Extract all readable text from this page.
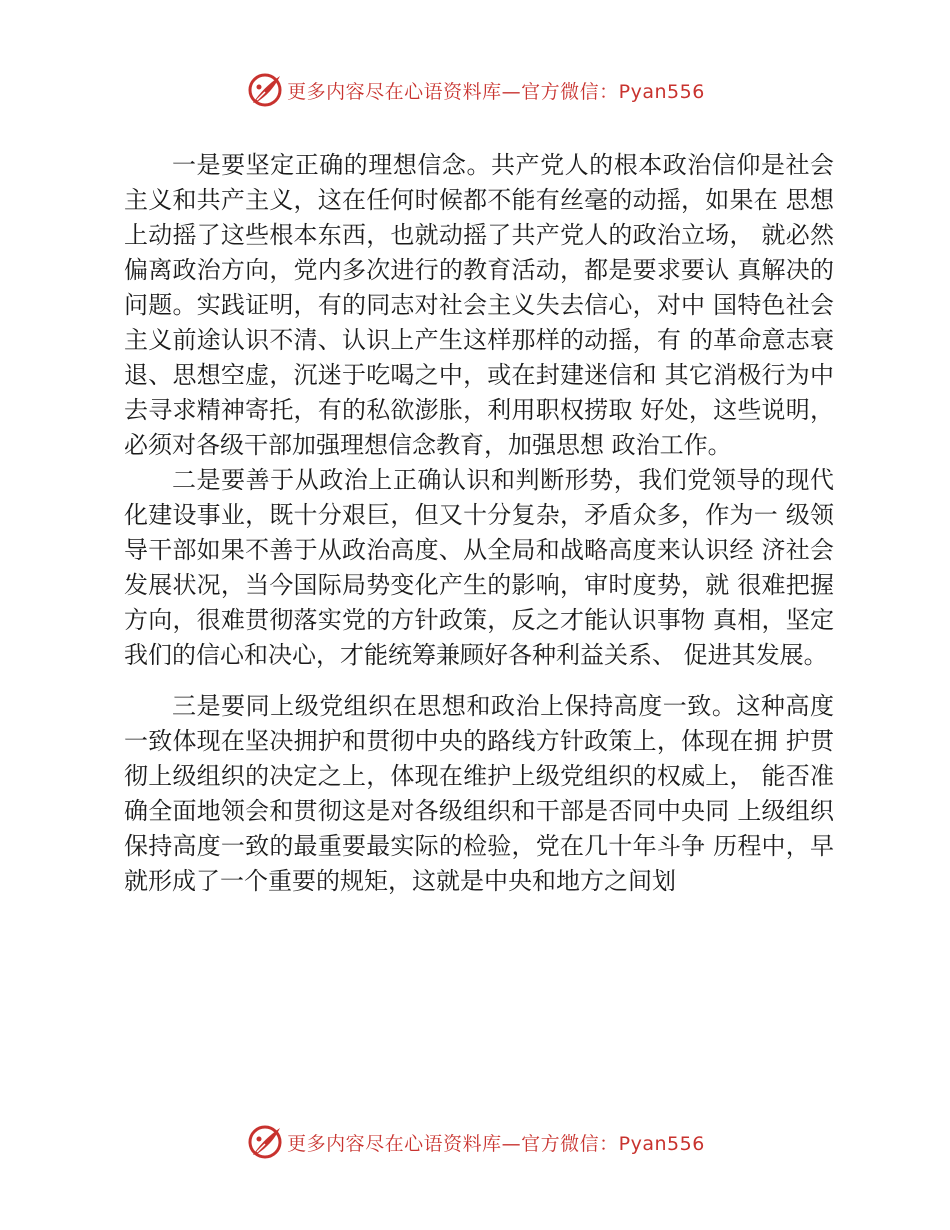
更多内容尽在心语资料库—官方微信：Pyan556

一是要坚定正确的理想信念。共产党人的根本政治信仰是社会主义和共产主义，这在任何时候都不能有丝毫的动摇，如果在 思想上动摇了这些根本东西，也就动摇了共产党人的政治立场， 就必然偏离政治方向，党内多次进行的教育活动，都是要求要认 真解决的问题。实践证明，有的同志对社会主义失去信心，对中 国特色社会主义前途认识不清、认识上产生这样那样的动摇，有 的革命意志衰退、思想空虚，沉迷于吃喝之中，或在封建迷信和 其它消极行为中去寻求精神寄托，有的私欲澎胀，利用职权捞取 好处，这些说明，必须对各级干部加强理想信念教育，加强思想 政治工作。

二是要善于从政治上正确认识和判断形势，我们党领导的现代化建设事业，既十分艰巨，但又十分复杂，矛盾众多，作为一 级领导干部如果不善于从政治高度、从全局和战略高度来认识经 济社会发展状况，当今国际局势变化产生的影响，审时度势，就 很难把握方向，很难贯彻落实党的方针政策，反之才能认识事物 真相，坚定我们的信心和决心，才能统筹兼顾好各种利益关系、 促进其发展。

三是要同上级党组织在思想和政治上保持高度一致。这种高度一致体现在坚决拥护和贯彻中央的路线方针政策上，体现在拥 护贯彻上级组织的决定之上，体现在维护上级党组织的权威上， 能否准确全面地领会和贯彻这是对各级组织和干部是否同中央同 上级组织保持高度一致的最重要最实际的检验，党在几十年斗争 历程中，早就形成了一个重要的规矩，这就是中央和地方之间划

更多内容尽在心语资料库—官方微信：Pyan556
